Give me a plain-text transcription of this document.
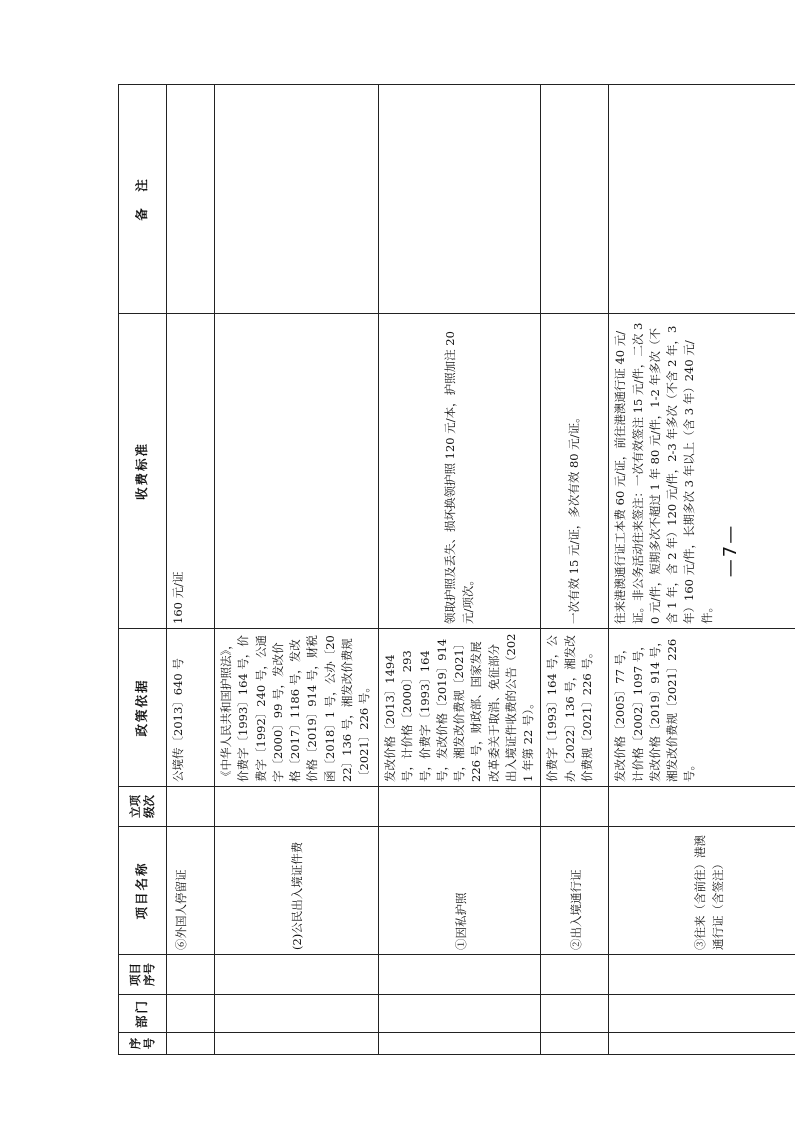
序号	部门	项目序号	项目名称	立项级次	政策依据	收费标准	备　注
			⑥外国人停留证		公境传〔2013〕640 号	160 元/证	
			(2)公民出入境证件费		《中华人民共和国护照法》，价费字〔1993〕164 号，价费字〔1992〕240 号，公通字〔2000〕99 号，发改价格〔2017〕1186 号，发改价格〔2019〕914 号，财税函〔2018〕1 号，公办〔2022〕136 号，湘发改价费规〔2021〕226 号。		
			①因私护照		发改价格〔2013〕1494 号，计价格〔2000〕293 号，价费字〔1993〕164 号，发改价格〔2019〕914 号，湘发改价费规〔2021〕226 号，财政部、国家发展改革委关于取消、免征部分出入境证件收费的公告（2021 年第 22 号）。	领取护照及丢失、损坏换领护照 120 元/本，护照加注 20 元/项次。	
			②出入境通行证		价费字〔1993〕164 号，公办〔2022〕136 号，湘发改价费规〔2021〕226 号。	一次有效 15 元/证，多次有效 80 元/证。	
			③往来（含前往）港澳通行证（含签注）		发改价格〔2005〕77 号，计价格〔2002〕1097 号，发改价格〔2019〕914 号，湘发改价费规〔2021〕226 号。	往来港澳通行证工本费 60 元/证，前往港澳通行证 40 元/证。非公务活动往来签注：一次有效签注 15 元/件，二次 30 元/件，短期多次不超过 1 年 80 元/件，1-2 年多次（不含 1 年，含 2 年）120 元/件，2-3 年多次（不含 2 年，3 年）160 元/件，长期多次 3 年以上（含 3 年）240 元/件。	
—7—
